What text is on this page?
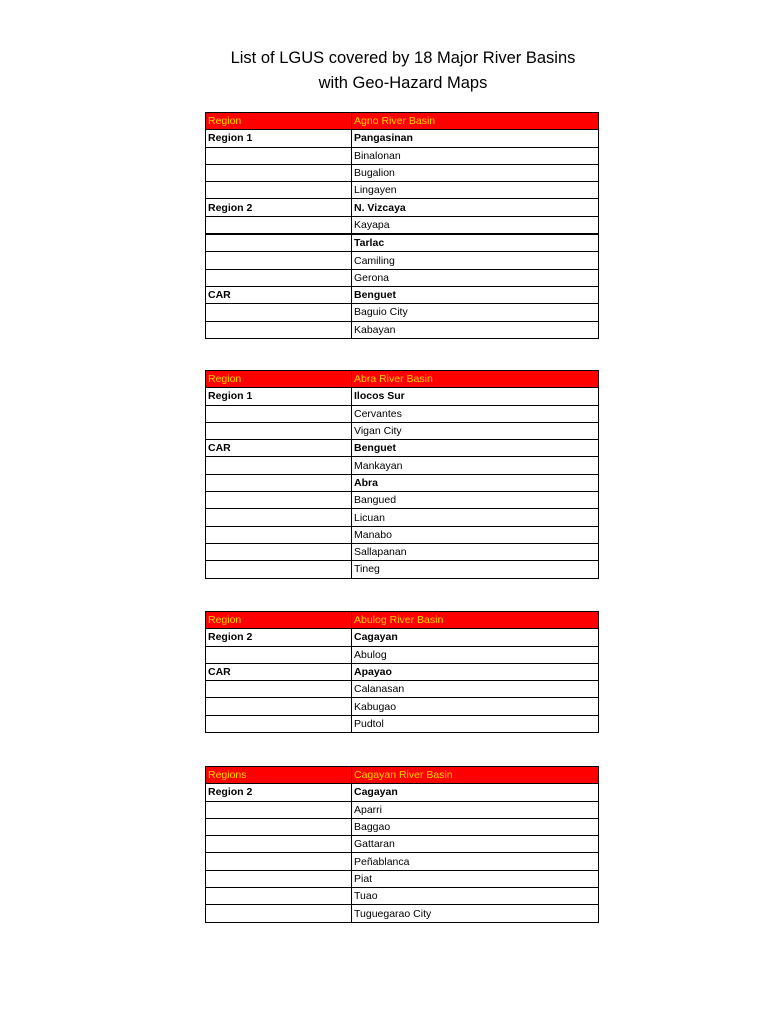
List of LGUS covered by 18 Major River Basins
with Geo-Hazard Maps
Region	Agno River Basin
Region 1	Pangasinan
	Binalonan
	Bugalion
	Lingayen
Region 2	N. Vizcaya
	Kayapa
	Tarlac
	Camiling
	Gerona
CAR	Benguet
	Baguio City
	Kabayan
Region	Abra River Basin
Region 1	Ilocos Sur
	Cervantes
	Vigan City
CAR	Benguet
	Mankayan
	Abra
	Bangued
	Licuan
	Manabo
	Sallapanan
	Tineg
Region	Abulog River Basin
Region 2	Cagayan
	Abulog
CAR	Apayao
	Calanasan
	Kabugao
	Pudtol
Regions	Cagayan River Basin
Region 2	Cagayan
	Aparri
	Baggao
	Gattaran
	Peñablanca
	Piat
	Tuao
	Tuguegarao City
